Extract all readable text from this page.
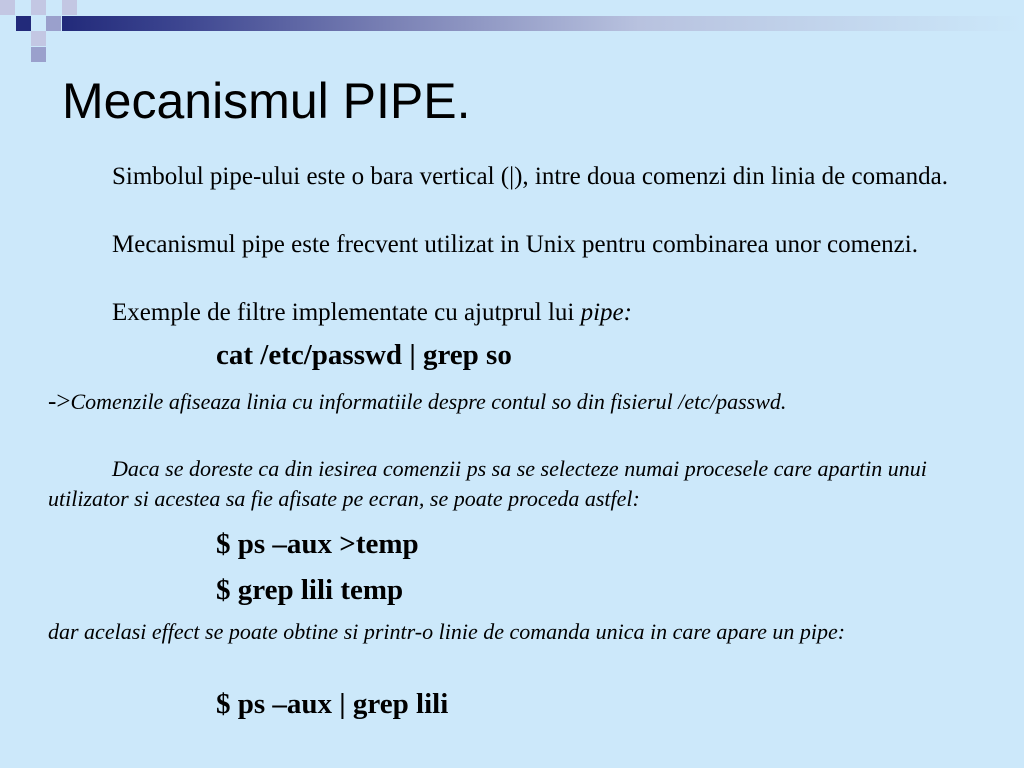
Mecanismul PIPE.

Simbolul pipe-ului este o bara vertical (|), intre doua comenzi din linia de comanda.

Mecanismul pipe este frecvent utilizat in Unix pentru combinarea unor comenzi.

Exemple de filtre implementate cu ajutprul lui pipe:

cat /etc/passwd | grep so

->Comenzile afiseaza linia cu informatiile despre contul so din fisierul /etc/passwd.

Daca se doreste ca din iesirea comenzii ps sa se selecteze numai procesele care apartin unui utilizator si acestea sa fie afisate pe ecran, se poate proceda astfel:

$ ps –aux >temp

$ grep lili temp

dar acelasi effect se poate obtine si printr-o linie de comanda unica in care apare un pipe:

$ ps –aux | grep lili
